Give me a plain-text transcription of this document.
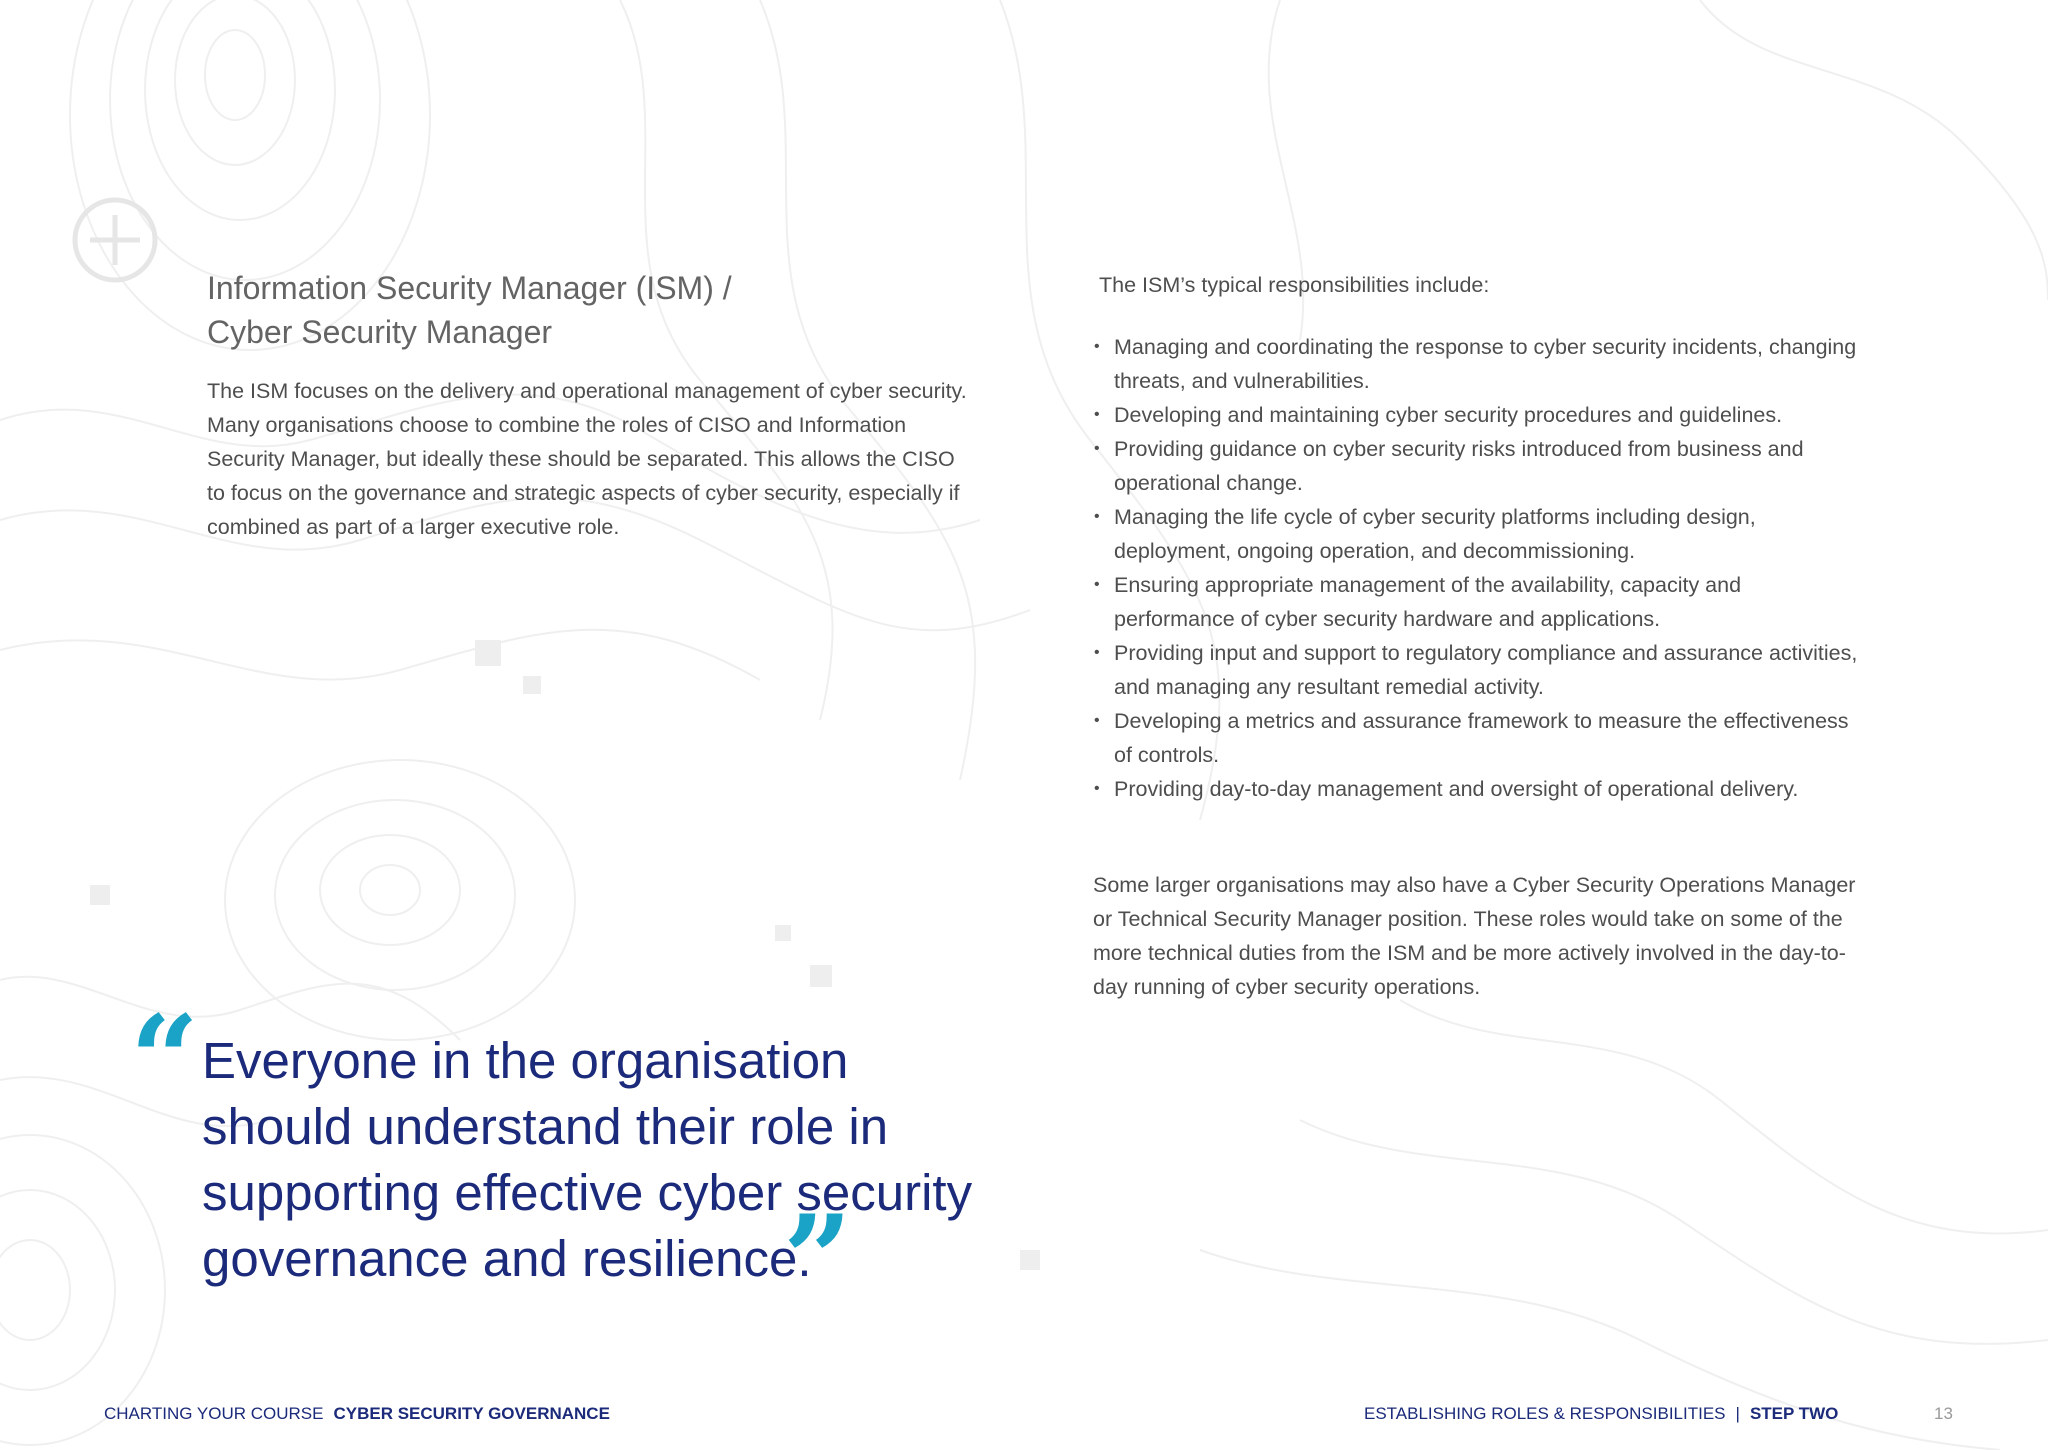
Information Security Manager (ISM) /
Cyber Security Manager

The ISM focuses on the delivery and operational management of cyber security. Many organisations choose to combine the roles of CISO and Information Security Manager, but ideally these should be separated. This allows the CISO to focus on the governance and strategic aspects of cyber security, especially if combined as part of a larger executive role.

The ISM’s typical responsibilities include:

• Managing and coordinating the response to cyber security incidents, changing threats, and vulnerabilities.
• Developing and maintaining cyber security procedures and guidelines.
• Providing guidance on cyber security risks introduced from business and operational change.
• Managing the life cycle of cyber security platforms including design, deployment, ongoing operation, and decommissioning.
• Ensuring appropriate management of the availability, capacity and performance of cyber security hardware and applications.
• Providing input and support to regulatory compliance and assurance activities, and managing any resultant remedial activity.
• Developing a metrics and assurance framework to measure the effectiveness of controls.
• Providing day-to-day management and oversight of operational delivery.

Some larger organisations may also have a Cyber Security Operations Manager or Technical Security Manager position. These roles would take on some of the more technical duties from the ISM and be more actively involved in the day-to-day running of cyber security operations.

“ Everyone in the organisation
should understand their role in
supporting effective cyber security
governance and resilience.

”
CHARTING YOUR COURSE CYBER SECURITY GOVERNANCE	ESTABLISHING ROLES & RESPONSIBILITIES | STEP TWO	13
